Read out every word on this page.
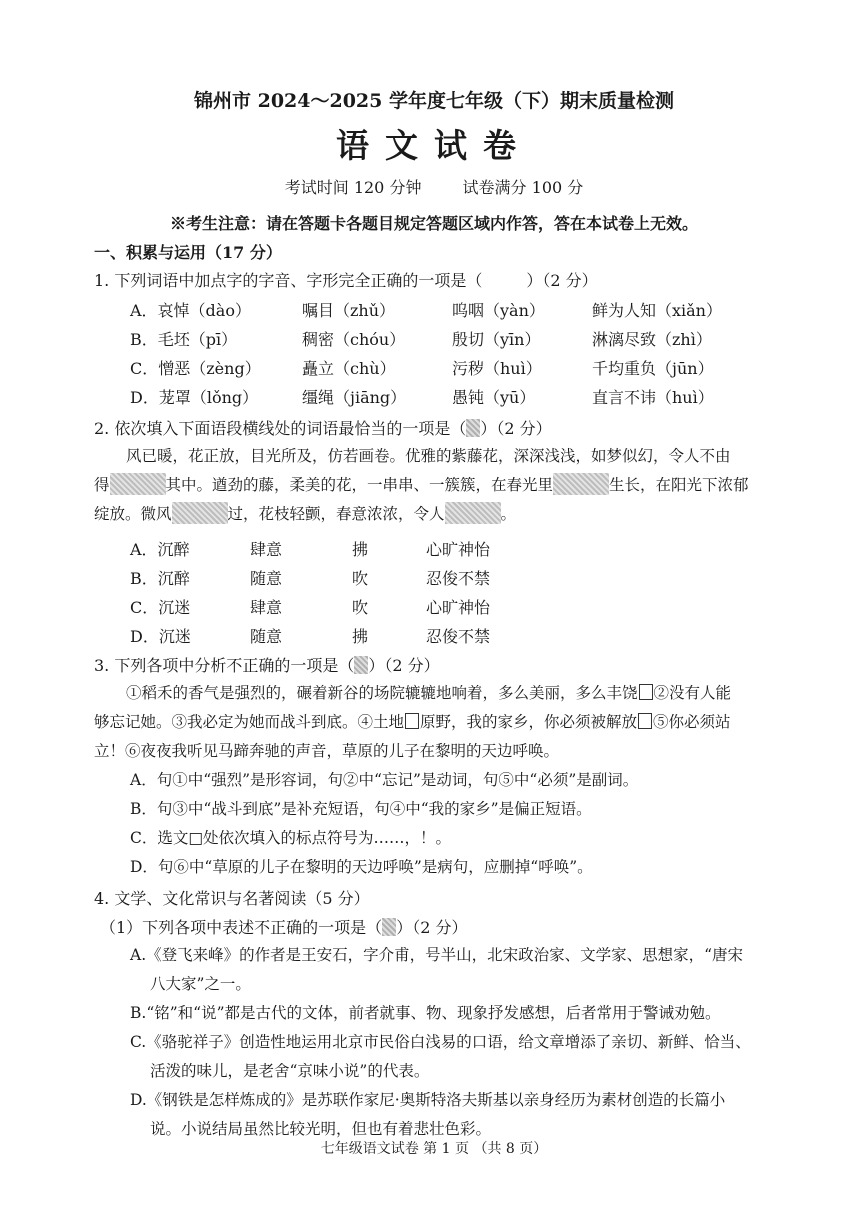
锦州市 2024～2025 学年度七年级（下）期末质量检测
语文试卷
考试时间 120 分钟	试卷满分 100 分
※考生注意：请在答题卡各题目规定答题区域内作答，答在本试卷上无效。
一、积累与运用（17 分）
1. 下列词语中加点字的字音、字形完全正确的一项是（	）（2 分）
A．哀悼（dào）	嘱目（zhǔ）	呜咽（yàn）	鲜为人知（xiǎn）
B．毛坯（pī）	稠密（chóu）	殷切（yīn）	淋漓尽致（zhì）
C．憎恶（zèng）	矗立（chù）	污秽（huì）	千均重负（jūn）
D．茏罩（lǒng）	缰绳（jiāng）	愚钝（yū）	直言不讳（huì）
2. 依次填入下面语段横线处的词语最恰当的一项是（ ）（2 分）
风已暖，花正放，目光所及，仿若画卷。优雅的紫藤花，深深浅浅，如梦似幻，令人不由
得	其中。遒劲的藤，柔美的花，一串串、一簇簇，在春光里	生长，在阳光下浓郁
绽放。微风	过，花枝轻颤，春意浓浓，令人	。
A．沉醉	肆意	拂	心旷神怡
B．沉醉	随意	吹	忍俊不禁
C．沉迷	肆意	吹	心旷神怡
D．沉迷	随意	拂	忍俊不禁
3. 下列各项中分析不正确的一项是（ ）（2 分）
①稻禾的香气是强烈的，碾着新谷的场院辘辘地响着，多么美丽，多么丰饶 ②没有人能
够忘记她。③我必定为她而战斗到底。④土地 原野，我的家乡，你必须被解放 ⑤你必须站
立！⑥夜夜我听见马蹄奔驰的声音，草原的儿子在黎明的天边呼唤。
A．句①中“强烈”是形容词，句②中“忘记”是动词，句⑤中“必须”是副词。
B．句③中“战斗到底”是补充短语，句④中“我的家乡”是偏正短语。
C．选文□处依次填入的标点符号为……，！。
D．句⑥中“草原的儿子在黎明的天边呼唤”是病句，应删掉“呼唤”。
4. 文学、文化常识与名著阅读（5 分）
（1）下列各项中表述不正确的一项是（ ）（2 分）
A.《登飞来峰》的作者是王安石，字介甫，号半山，北宋政治家、文学家、思想家，“唐宋
八大家”之一。
B.“铭”和“说”都是古代的文体，前者就事、物、现象抒发感想，后者常用于警诫劝勉。
C.《骆驼祥子》创造性地运用北京市民俗白浅易的口语，给文章增添了亲切、新鲜、恰当、
活泼的味儿，是老舍“京味小说”的代表。
D.《钢铁是怎样炼成的》是苏联作家尼·奥斯特洛夫斯基以亲身经历为素材创造的长篇小
说。小说结局虽然比较光明，但也有着悲壮色彩。
七年级语文试卷 第 1 页 （共 8 页）
